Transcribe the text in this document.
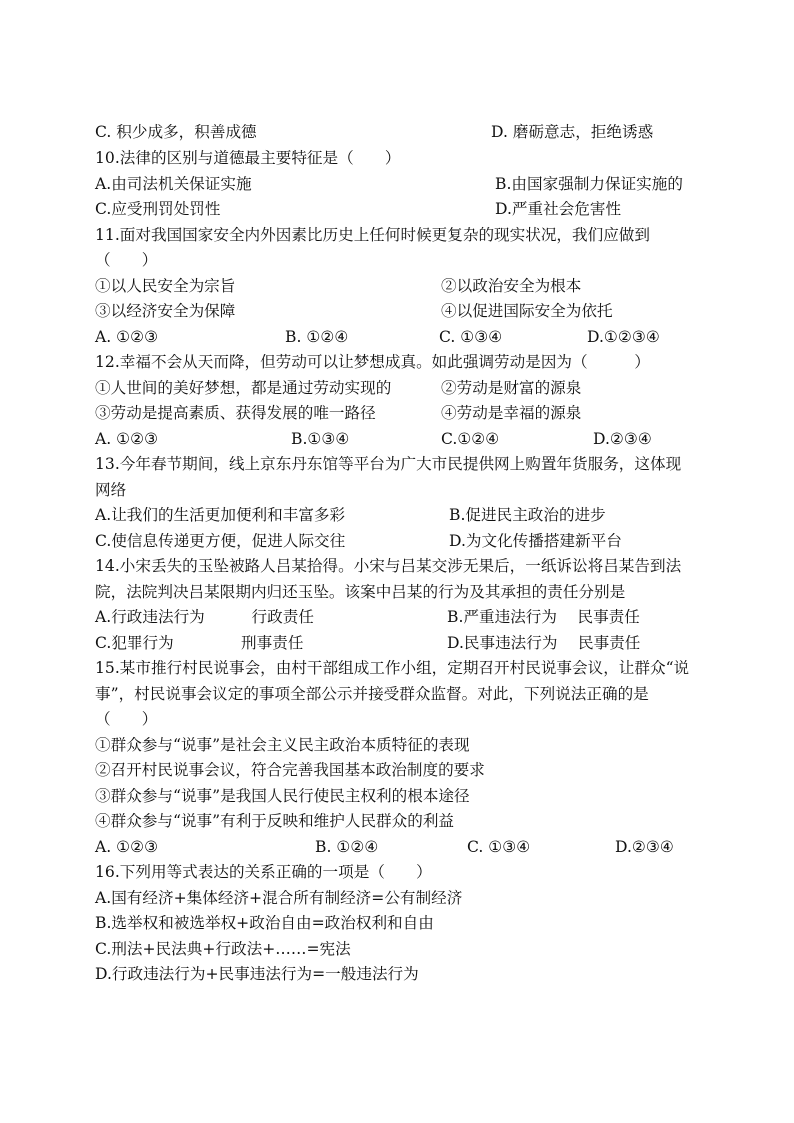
C. 积少成多，积善成德	D. 磨砺意志，拒绝诱惑
10.法律的区别与道德最主要特征是（　　）
A.由司法机关保证实施	B.由国家强制力保证实施的
C.应受刑罚处罚性	D.严重社会危害性
11.面对我国国家安全内外因素比历史上任何时候更复杂的现实状况，我们应做到
（　　）
①以人民安全为宗旨	②以政治安全为根本
③以经济安全为保障	④以促进国际安全为依托
A. ①②③	B. ①②④	C. ①③④	D.①②③④
12.幸福不会从天而降，但劳动可以让梦想成真。如此强调劳动是因为（　　　）
①人世间的美好梦想，都是通过劳动实现的	②劳动是财富的源泉
③劳动是提高素质、获得发展的唯一路径	④劳动是幸福的源泉
A. ①②③	B.①③④	C.①②④	D.②③④
13.今年春节期间，线上京东丹东馆等平台为广大市民提供网上购置年货服务，这体现
网络
A.让我们的生活更加便利和丰富多彩	B.促进民主政治的进步
C.使信息传递更方便，促进人际交往	D.为文化传播搭建新平台
14.小宋丢失的玉坠被路人吕某拾得。小宋与吕某交涉无果后，一纸诉讼将吕某告到法
院，法院判决吕某限期内归还玉坠。该案中吕某的行为及其承担的责任分别是
A.行政违法行为　　　行政责任	B.严重违法行为　 民事责任
C.犯罪行为　　　　 刑事责任	D.民事违法行为　 民事责任
15.某市推行村民说事会，由村干部组成工作小组，定期召开村民说事会议，让群众“说
事”，村民说事会议定的事项全部公示并接受群众监督。对此，下列说法正确的是
（　　）
①群众参与“说事”是社会主义民主政治本质特征的表现
②召开村民说事会议，符合完善我国基本政治制度的要求
③群众参与“说事”是我国人民行使民主权利的根本途径
④群众参与“说事”有利于反映和维护人民群众的利益
A. ①②③	B. ①②④	C. ①③④	D.②③④
16.下列用等式表达的关系正确的一项是（　　）
A.国有经济+集体经济+混合所有制经济=公有制经济
B.选举权和被选举权+政治自由=政治权利和自由
C.刑法+民法典+行政法+……=宪法
D.行政违法行为+民事违法行为=一般违法行为
